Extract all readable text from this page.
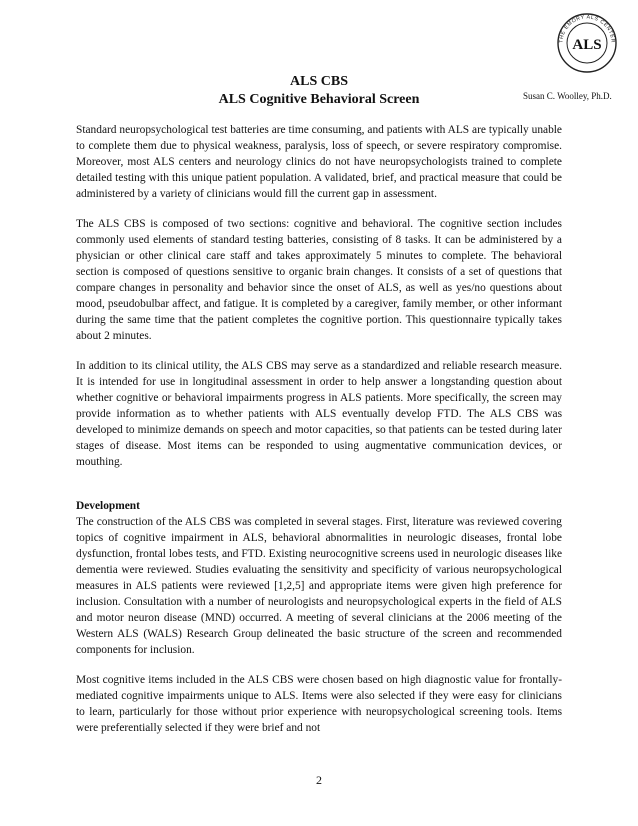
THE EMORY ALS CENTER
ALS
Susan C. Woolley, Ph.D.
ALS CBS
ALS Cognitive Behavioral Screen

Standard neuropsychological test batteries are time consuming, and patients with ALS are typically unable to complete them due to physical weakness, paralysis, loss of speech, or severe respiratory compromise. Moreover, most ALS centers and neurology clinics do not have neuropsychologists trained to complete detailed testing with this unique patient population. A validated, brief, and practical measure that could be administered by a variety of clinicians would fill the current gap in assessment.

The ALS CBS is composed of two sections: cognitive and behavioral. The cognitive section includes commonly used elements of standard testing batteries, consisting of 8 tasks. It can be administered by a physician or other clinical care staff and takes approximately 5 minutes to complete. The behavioral section is composed of questions sensitive to organic brain changes. It consists of a set of questions that compare changes in personality and behavior since the onset of ALS, as well as yes/no questions about mood, pseudobulbar affect, and fatigue. It is completed by a caregiver, family member, or other informant during the same time that the patient completes the cognitive portion. This questionnaire typically takes about 2 minutes.

In addition to its clinical utility, the ALS CBS may serve as a standardized and reliable research measure. It is intended for use in longitudinal assessment in order to help answer a longstanding question about whether cognitive or behavioral impairments progress in ALS patients. More specifically, the screen may provide information as to whether patients with ALS eventually develop FTD. The ALS CBS was developed to minimize demands on speech and motor capacities, so that patients can be tested during later stages of disease. Most items can be responded to using augmentative communication devices, or mouthing.

Development
The construction of the ALS CBS was completed in several stages. First, literature was reviewed covering topics of cognitive impairment in ALS, behavioral abnormalities in neurologic diseases, frontal lobe dysfunction, frontal lobes tests, and FTD. Existing neurocognitive screens used in neurologic diseases like dementia were reviewed. Studies evaluating the sensitivity and specificity of various neuropsychological measures in ALS patients were reviewed [1,2,5] and appropriate items were given high preference for inclusion. Consultation with a number of neurologists and neuropsychological experts in the field of ALS and motor neuron disease (MND) occurred. A meeting of several clinicians at the 2006 meeting of the Western ALS (WALS) Research Group delineated the basic structure of the screen and recommended components for inclusion.

Most cognitive items included in the ALS CBS were chosen based on high diagnostic value for frontally-mediated cognitive impairments unique to ALS. Items were also selected if they were easy for clinicians to learn, particularly for those without prior experience with neuropsychological screening tools. Items were preferentially selected if they were brief and not

2
